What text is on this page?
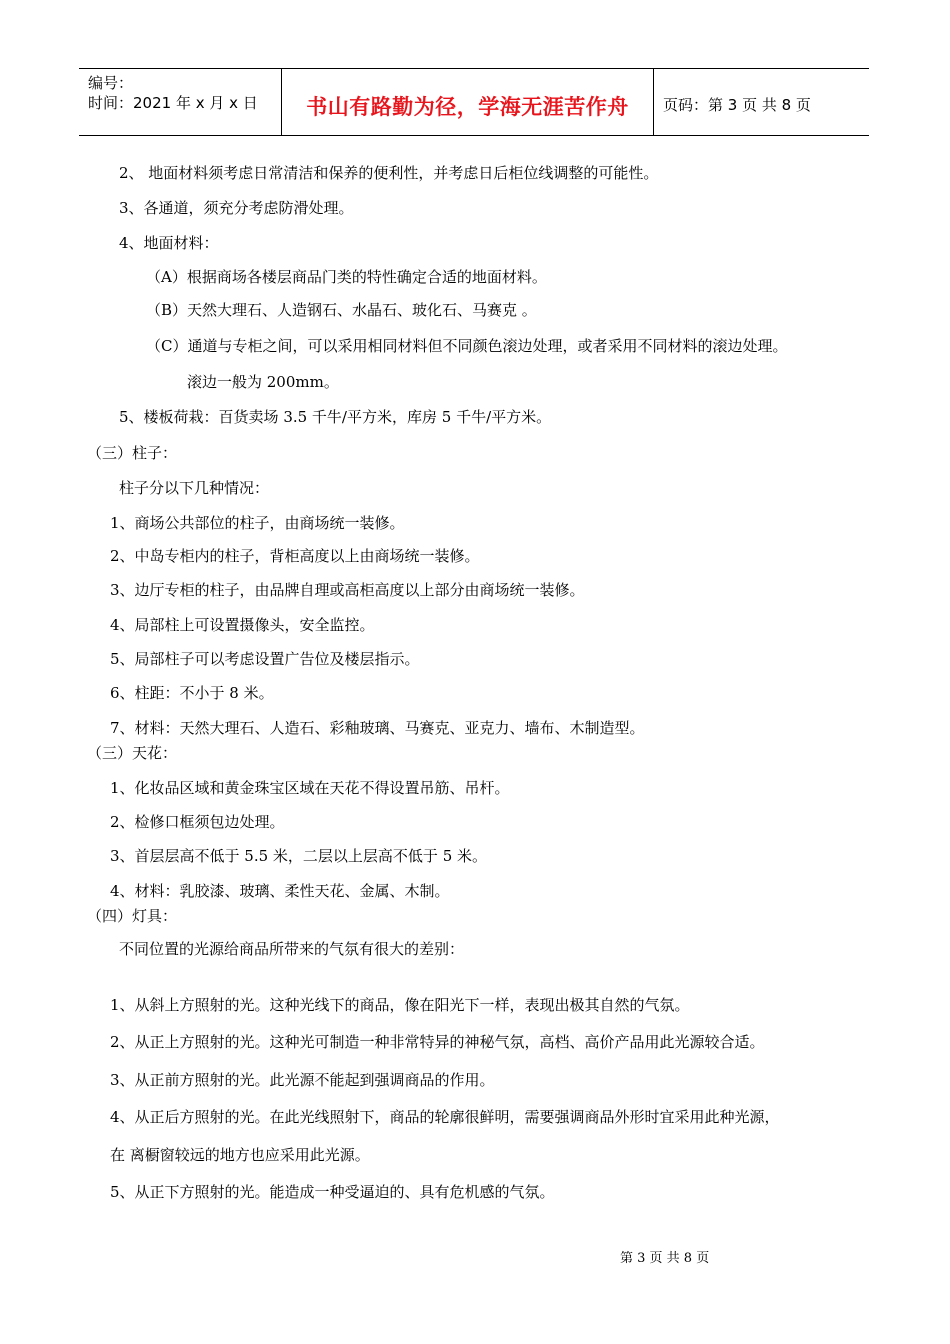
编号：
时间：2021 年 x 月 x 日	书山有路勤为径，学海无涯苦作舟	页码：第 3 页 共 8 页
2、 地面材料须考虑日常清洁和保养的便利性，并考虑日后柜位线调整的可能性。
3、各通道，须充分考虑防滑处理。
4、地面材料：
（A）根据商场各楼层商品门类的特性确定合适的地面材料。
（B）天然大理石、人造钢石、水晶石、玻化石、马赛克 。
（C）通道与专柜之间，可以采用相同材料但不同颜色滚边处理，或者采用不同材料的滚边处理。
滚边一般为 200mm。
5、楼板荷栽：百货卖场 3.5 千牛/平方米，库房 5 千牛/平方米。
（三）柱子：
柱子分以下几种情况：
1、商场公共部位的柱子，由商场统一装修。
2、中岛专柜内的柱子，背柜高度以上由商场统一装修。
3、边厅专柜的柱子，由品牌自理或高柜高度以上部分由商场统一装修。
4、局部柱上可设置摄像头，安全监控。
5、局部柱子可以考虑设置广告位及楼层指示。
6、柱距：不小于 8 米。
7、材料：天然大理石、人造石、彩釉玻璃、马赛克、亚克力、墙布、木制造型。
（三）天花：
1、化妆品区域和黄金珠宝区域在天花不得设置吊筋、吊杆。
2、检修口框须包边处理。
3、首层层高不低于 5.5 米，二层以上层高不低于 5 米。
4、材料：乳胶漆、玻璃、柔性天花、金属、木制。
（四）灯具：
不同位置的光源给商品所带来的气氛有很大的差别：
1、从斜上方照射的光。这种光线下的商品，像在阳光下一样，表现出极其自然的气氛。
2、从正上方照射的光。这种光可制造一种非常特异的神秘气氛，高档、高价产品用此光源较合适。
3、从正前方照射的光。此光源不能起到强调商品的作用。
4、从正后方照射的光。在此光线照射下，商品的轮廓很鲜明，需要强调商品外形时宜采用此种光源，
在 离橱窗较远的地方也应采用此光源。
5、从正下方照射的光。能造成一种受逼迫的、具有危机感的气氛。
第 3 页 共 8 页
